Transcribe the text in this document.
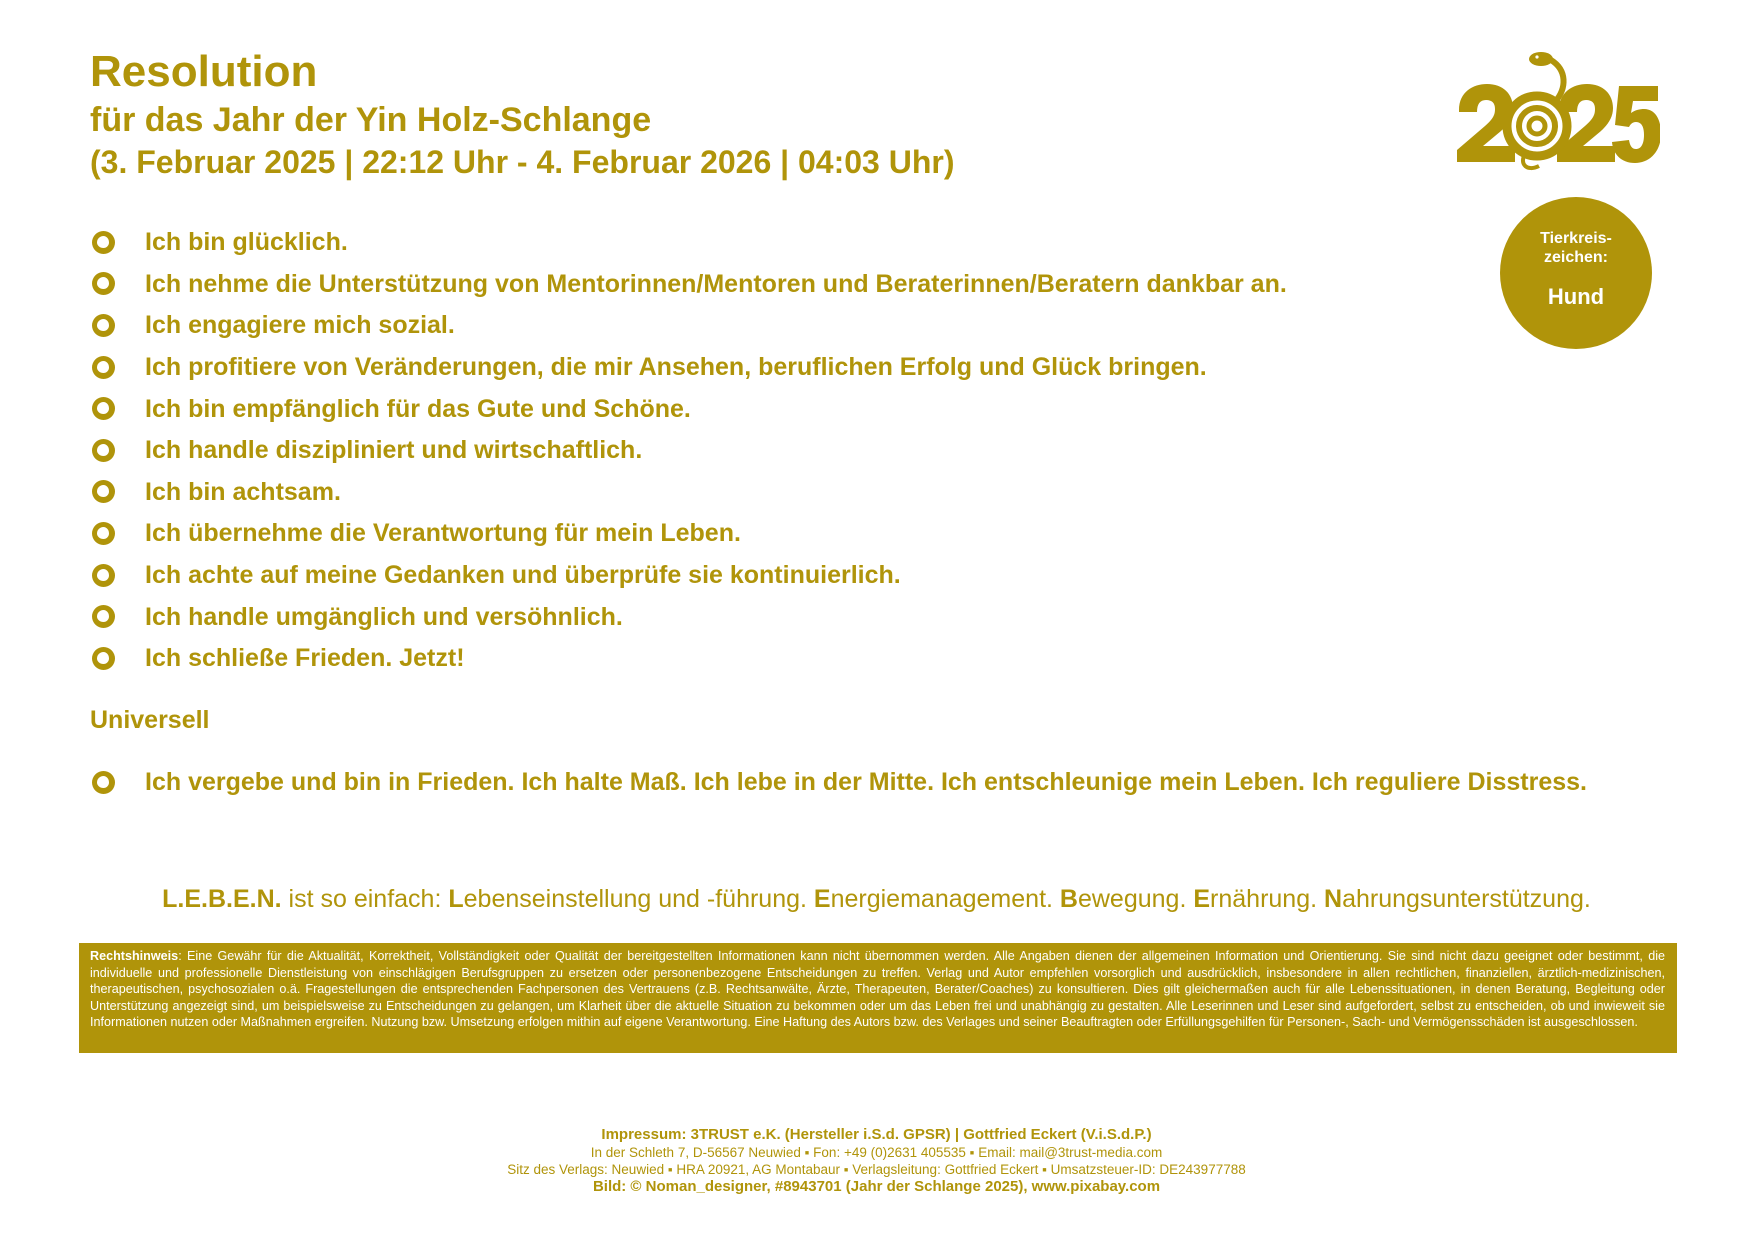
Resolution
für das Jahr der Yin Holz-Schlange
(3. Februar 2025 | 22:12 Uhr - 4. Februar 2026 | 04:03 Uhr)
Tierkreis-
zeichen:
Hund
Ich bin glücklich.
Ich nehme die Unterstützung von Mentorinnen/Mentoren und Beraterinnen/Beratern dankbar an.
Ich engagiere mich sozial.
Ich profitiere von Veränderungen, die mir Ansehen, beruflichen Erfolg und Glück bringen.
Ich bin empfänglich für das Gute und Schöne.
Ich handle diszipliniert und wirtschaftlich.
Ich bin achtsam.
Ich übernehme die Verantwortung für mein Leben.
Ich achte auf meine Gedanken und überprüfe sie kontinuierlich.
Ich handle umgänglich und versöhnlich.
Ich schließe Frieden. Jetzt!
Universell
Ich vergebe und bin in Frieden. Ich halte Maß. Ich lebe in der Mitte. Ich entschleunige mein Leben. Ich reguliere Disstress.
L.E.B.E.N. ist so einfach: Lebenseinstellung und -führung. Energiemanagement. Bewegung. Ernährung. Nahrungsunterstützung.
Rechtshinweis: Eine Gewähr für die Aktualität, Korrektheit, Vollständigkeit oder Qualität der bereitgestellten Informationen kann nicht übernommen werden. Alle Angaben dienen der allgemeinen Information und Orientierung. Sie sind nicht dazu geeignet oder bestimmt, die individuelle und professionelle Dienstleistung von einschlägigen Berufsgruppen zu ersetzen oder personenbezogene Entscheidungen zu treffen. Verlag und Autor empfehlen vorsorglich und ausdrücklich, insbesondere in allen rechtlichen, finanziellen, ärztlich-medizinischen, therapeutischen, psychosozialen o.ä. Fragestellungen die entsprechenden Fachpersonen des Vertrauens (z.B. Rechtsanwälte, Ärzte, Therapeuten, Berater/Coaches) zu konsultieren. Dies gilt gleichermaßen auch für alle Lebenssituationen, in denen Beratung, Begleitung oder Unterstützung angezeigt sind, um beispielsweise zu Entscheidungen zu gelangen, um Klarheit über die aktuelle Situation zu bekommen oder um das Leben frei und unabhängig zu gestalten. Alle Leserinnen und Leser sind aufgefordert, selbst zu entscheiden, ob und inwieweit sie Informationen nutzen oder Maßnahmen ergreifen. Nutzung bzw. Umsetzung erfolgen mithin auf eigene Verantwortung. Eine Haftung des Autors bzw. des Verlages und seiner Beauftragten oder Erfüllungsgehilfen für Personen-, Sach- und Vermögensschäden ist ausgeschlossen.
Impressum: 3TRUST e.K. (Hersteller i.S.d. GPSR) | Gottfried Eckert (V.i.S.d.P.)
In der Schleth 7, D-56567 Neuwied ▪ Fon: +49 (0)2631 405535 ▪ Email: mail@3trust-media.com
Sitz des Verlags: Neuwied ▪ HRA 20921, AG Montabaur ▪ Verlagsleitung: Gottfried Eckert ▪ Umsatzsteuer-ID: DE243977788
Bild: © Noman_designer, #8943701 (Jahr der Schlange 2025), www.pixabay.com
